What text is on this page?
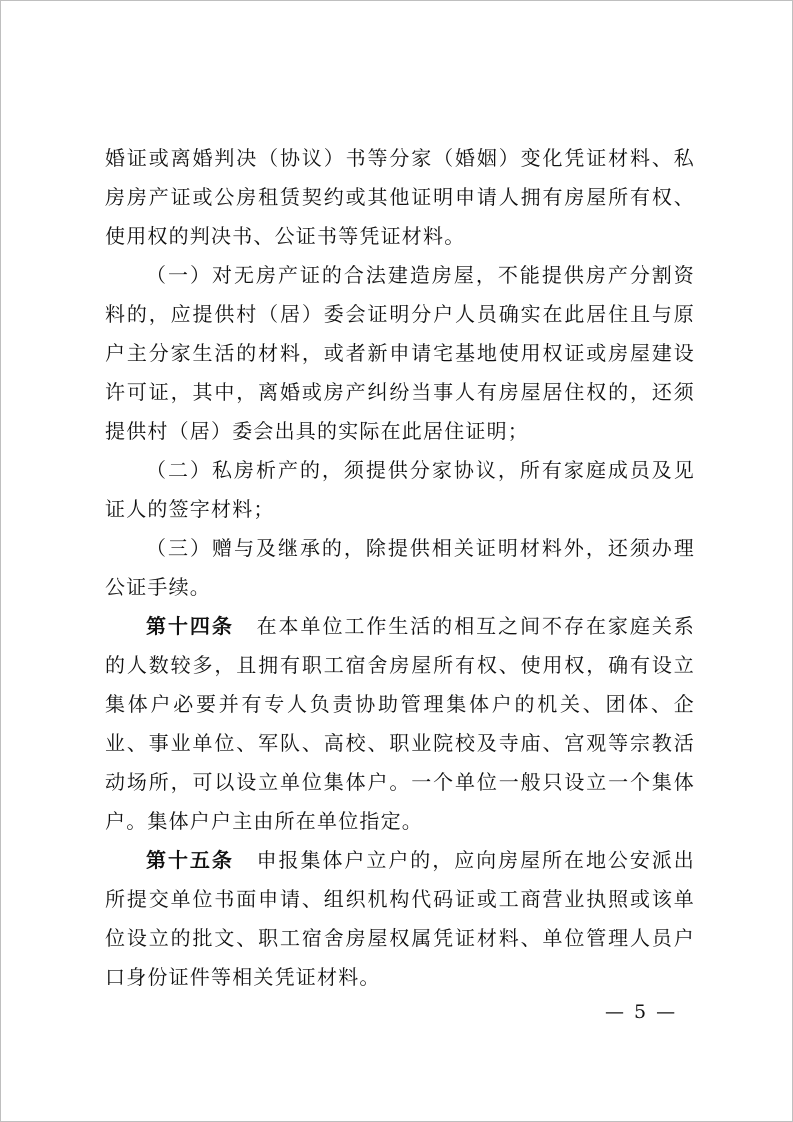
婚证或离婚判决（协议）书等分家（婚姻）变化凭证材料、私房房产证或公房租赁契约或其他证明申请人拥有房屋所有权、使用权的判决书、公证书等凭证材料。

（一）对无房产证的合法建造房屋，不能提供房产分割资料的，应提供村（居）委会证明分户人员确实在此居住且与原户主分家生活的材料，或者新申请宅基地使用权证或房屋建设许可证，其中，离婚或房产纠纷当事人有房屋居住权的，还须提供村（居）委会出具的实际在此居住证明；

（二）私房析产的，须提供分家协议，所有家庭成员及见证人的签字材料；

（三）赠与及继承的，除提供相关证明材料外，还须办理公证手续。

第十四条 在本单位工作生活的相互之间不存在家庭关系的人数较多，且拥有职工宿舍房屋所有权、使用权，确有设立集体户必要并有专人负责协助管理集体户的机关、团体、企业、事业单位、军队、高校、职业院校及寺庙、宫观等宗教活动场所，可以设立单位集体户。一个单位一般只设立一个集体户。集体户户主由所在单位指定。

第十五条 申报集体户立户的，应向房屋所在地公安派出所提交单位书面申请、组织机构代码证或工商营业执照或该单位设立的批文、职工宿舍房屋权属凭证材料、单位管理人员户口身份证件等相关凭证材料。

— 5 —
